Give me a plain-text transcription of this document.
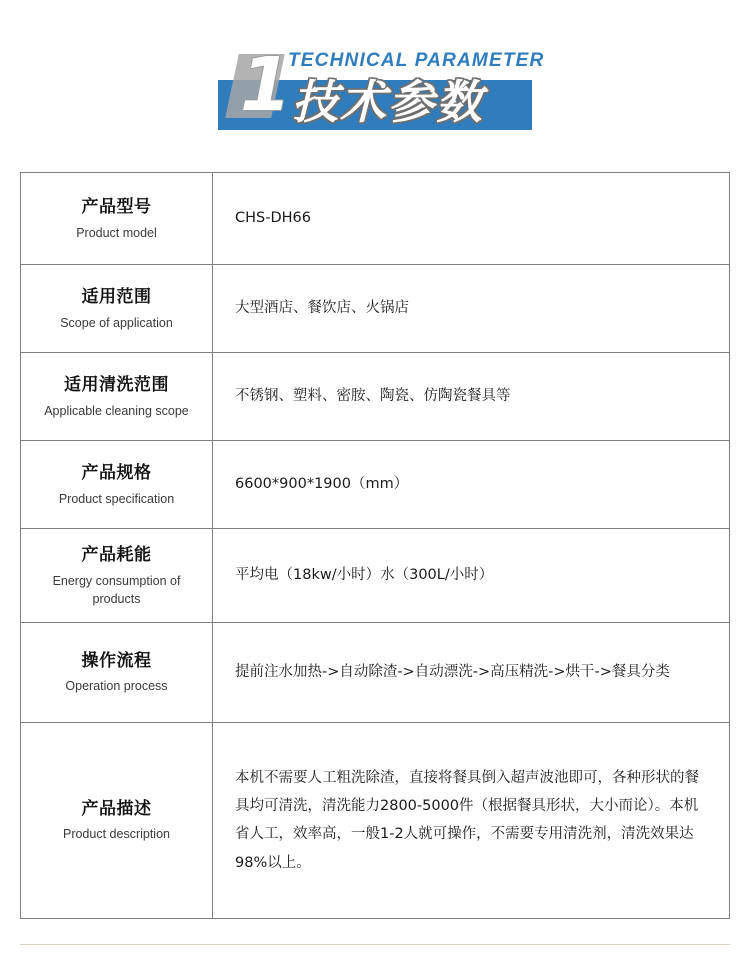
1
TECHNICAL PARAMETER
技术参数
产品型号
Product model	CHS-DH66

适用范围
Scope of application	大型酒店、餐饮店、火锅店

适用清洗范围
Applicable cleaning scope	不锈钢、塑料、密胺、陶瓷、仿陶瓷餐具等

产品规格
Product specification	6600*900*1900（mm）

产品耗能
Energy consumption of products	平均电（18kw/小时）水（300L/小时）

操作流程
Operation process	提前注水加热->自动除渣->自动漂洗->高压精洗->烘干->餐具分类

产品描述
Product description	本机不需要人工粗洗除渣，直接将餐具倒入超声波池即可，各种形状的餐具均可清洗，清洗能力2800-5000件（根据餐具形状，大小而论）。本机省人工，效率高，一般1-2人就可操作，不需要专用清洗剂，清洗效果达98%以上。
